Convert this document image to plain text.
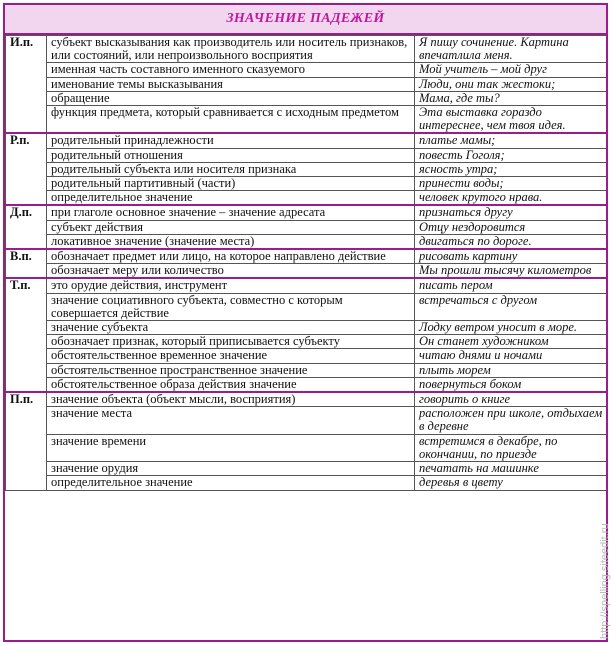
ЗНАЧЕНИЕ ПАДЕЖЕЙ
И.п.	субъект высказывания как производитель или носитель признаков, или состояний, или непроизвольного восприятия	Я пишу сочинение. Картина впечатлила меня.
	именная часть составного именного сказуемого	Мой учитель – мой друг
	именование темы высказывания	Люди, они так жестоки;
	обращение	Мама, где ты?
	функция предмета, который сравнивается с исходным предметом	Эта выставка гораздо интереснее, чем твоя идея.
Р.п.	родительный принадлежности	платье мамы;
	родительный отношения	повесть Гоголя;
	родительный субъекта или носителя признака	ясность утра;
	родительный партитивный (части)	принести воды;
	определительное значение	человек крутого нрава.
Д.п.	при глаголе основное значение – значение адресата	признаться другу
	субъект действия	Отцу нездоровится
	локативное значение (значение места)	двигаться по дороге.
В.п.	обозначает предмет или лицо, на которое направлено действие	рисовать картину
	обозначает меру или количество	Мы прошли тысячу километров
Т.п.	это орудие действия, инструмент	писать пером
	значение социативного субъекта, совместно с которым совершается действие	встречаться с другом
	значение субъекта	Лодку ветром уносит в море.
	обозначает признак, который приписывается субъекту	Он станет художником
	обстоятельственное временное значение	читаю днями и ночами
	обстоятельственное пространственное значение	плыть морем
	обстоятельственное образа действия значение	повернуться боком
П.п.	значение объекта (объект мысли, восприятия)	говорить о книге
	значение места	расположен при школе, отдыхаем в деревне
	значение времени	встретимся в декабре, по окончании, по приезде
	значение орудия	печатать на машинке
	определительное значение	деревья в цвету
http://spelling.siteedit.ru
